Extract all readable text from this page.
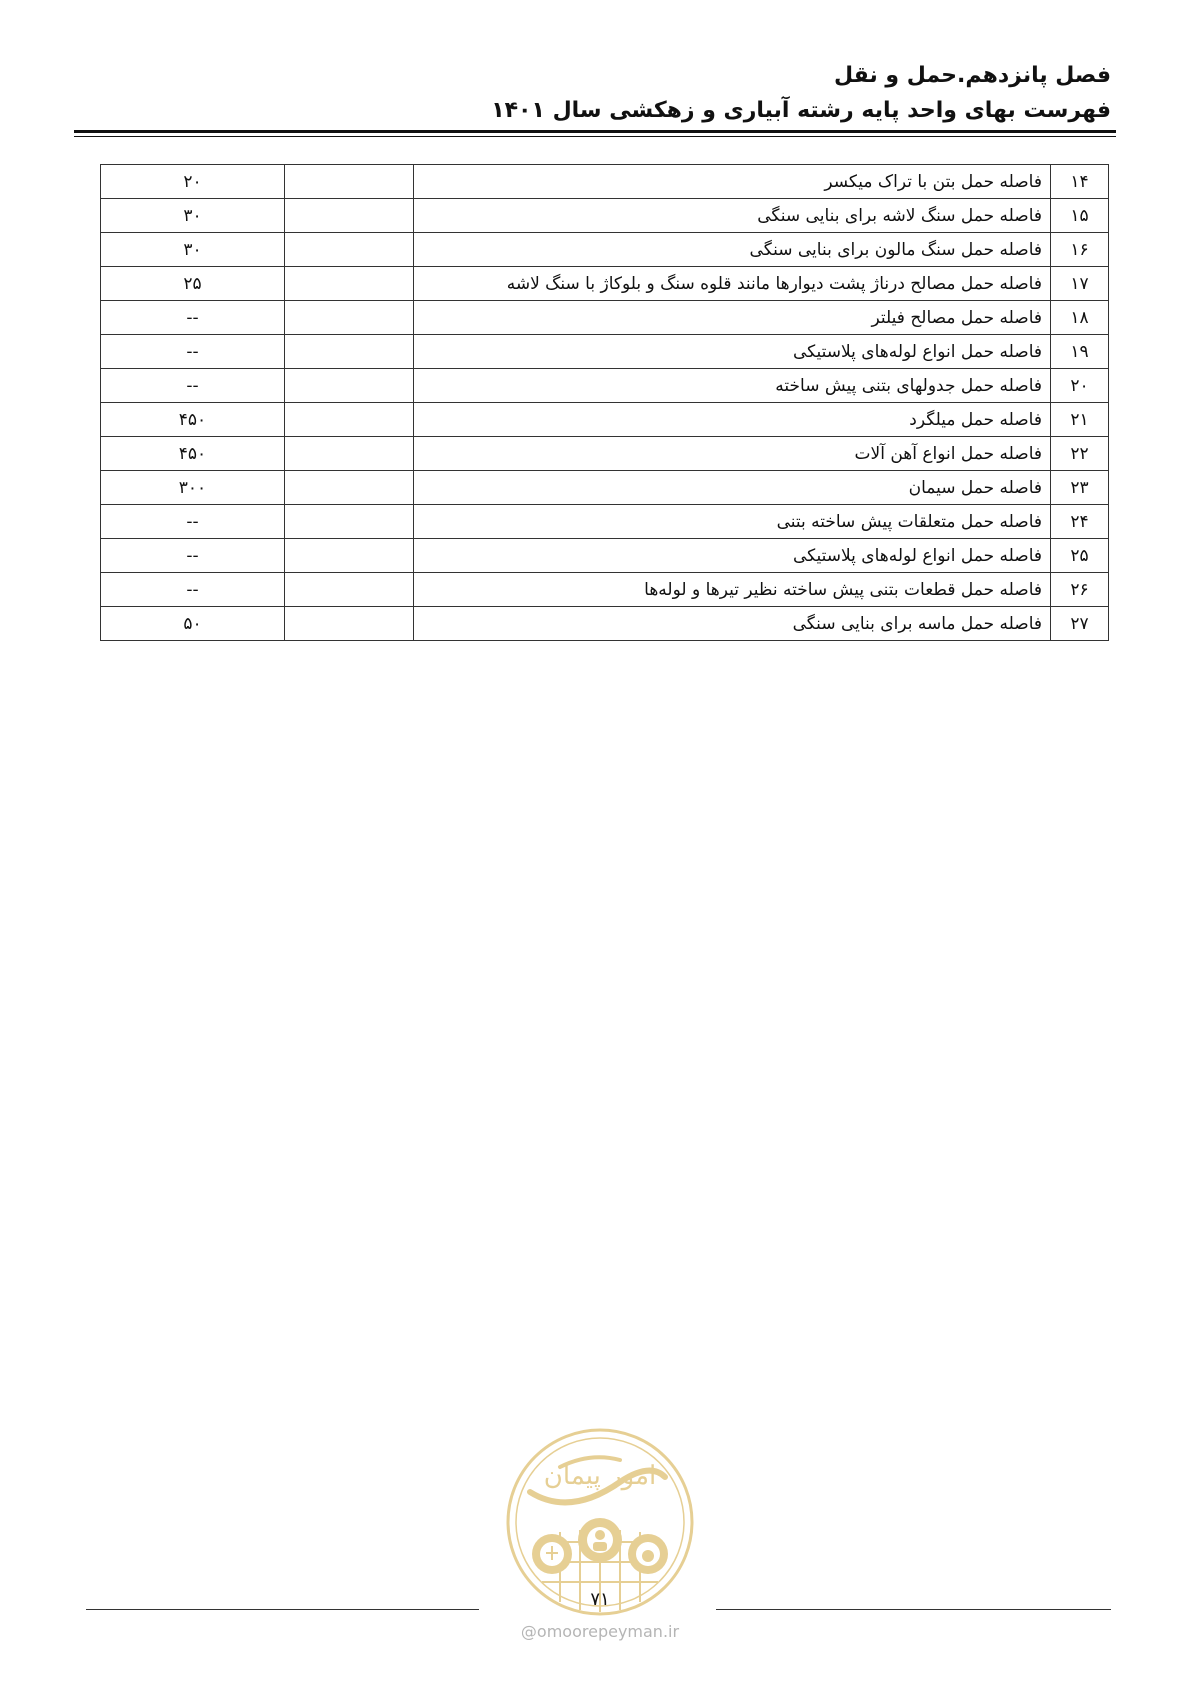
فصل پانزدهم.حمل و نقل
فهرست بهای واحد پایه رشته آبیاری و زهکشی سال ۱۴۰۱
۱۴	فاصله حمل بتن با تراک میکسر		۲۰
۱۵	فاصله حمل سنگ لاشه برای بنایی سنگی		۳۰
۱۶	فاصله حمل سنگ مالون برای بنایی سنگی		۳۰
۱۷	فاصله حمل مصالح درناژ پشت دیوارها مانند قلوه سنگ و بلوکاژ با سنگ لاشه		۲۵
۱۸	فاصله حمل مصالح فیلتر		--
۱۹	فاصله حمل انواع لوله‌های پلاستیکی		--
۲۰	فاصله حمل جدولهای بتنی پیش ساخته		--
۲۱	فاصله حمل میلگرد		۴۵۰
۲۲	فاصله حمل انواع آهن آلات		۴۵۰
۲۳	فاصله حمل سیمان		۳۰۰
۲۴	فاصله حمل متعلقات پیش ساخته بتنی		--
۲۵	فاصله حمل انواع لوله‌های پلاستیکی		--
۲۶	فاصله حمل قطعات بتنی پیش ساخته نظیر تیرها و لوله‌ها		--
۲۷	فاصله حمل ماسه برای بنایی سنگی		۵۰
امور پیمان
۷۱
@omoorepeyman.ir
